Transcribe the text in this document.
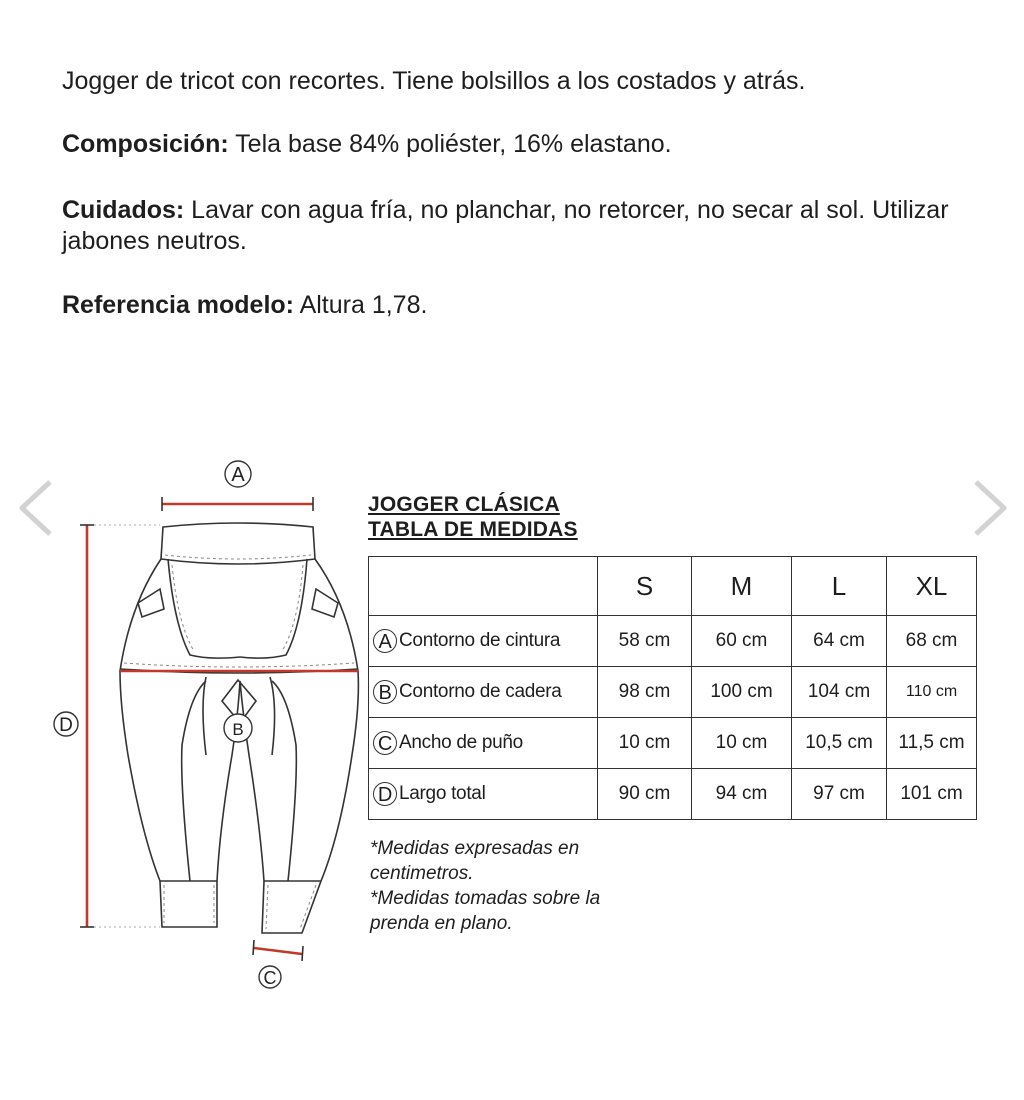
Jogger de tricot con recortes. Tiene bolsillos a los costados y atrás.

Composición: Tela base 84% poliéster, 16% elastano.

Cuidados: Lavar con agua fría, no planchar, no retorcer, no secar al sol. Utilizar jabones neutros.

Referencia modelo: Altura 1,78.

A
B
D
C
JOGGER CLÁSICA
TABLA DE MEDIDAS
	S	M	L	XL
A Contorno de cintura	58 cm	60 cm	64 cm	68 cm
B Contorno de cadera	98 cm	100 cm	104 cm	110 cm
C Ancho de puño	10 cm	10 cm	10,5 cm	11,5 cm
D Largo total	90 cm	94 cm	97 cm	101 cm

*Medidas expresadas en
centimetros.
*Medidas tomadas sobre la
prenda en plano.
